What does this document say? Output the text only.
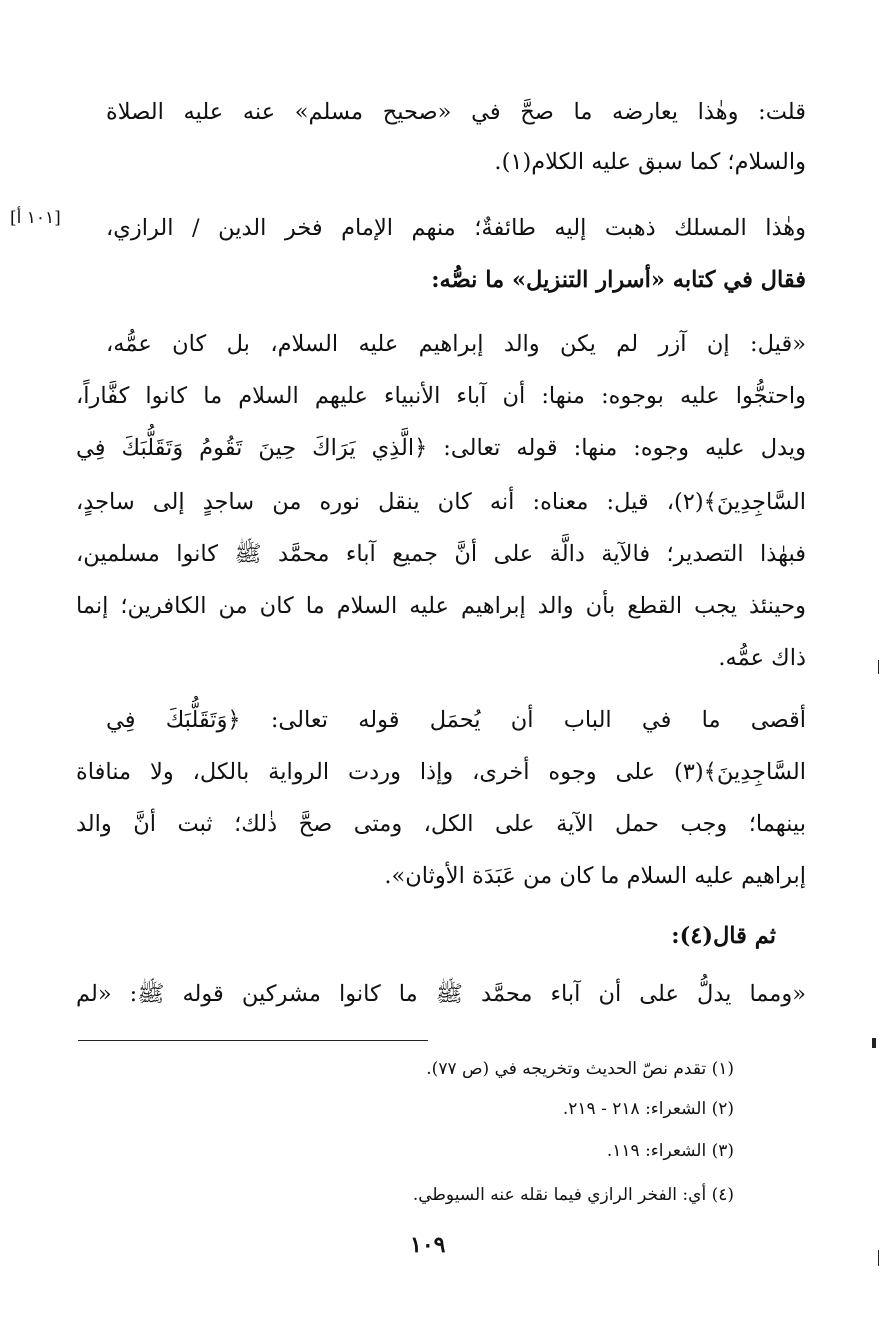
[١٠١ أ]
قلت: وهٰذا يعارضه ما صحَّ في «صحيح مسلم» عنه عليه الصلاة
والسلام؛ كما سبق عليه الكلام(١).
وهٰذا المسلك ذهبت إليه طائفةٌ؛ منهم الإمام فخر الدين / الرازي،
فقال في كتابه «أسرار التنزيل» ما نصُّه:
«قيل: إن آزر لم يكن والد إبراهيم عليه السلام، بل كان عمُّه،
واحتجُّوا عليه بوجوه: منها: أن آباء الأنبياء عليهم السلام ما كانوا كفَّاراً،
ويدل عليه وجوه: منها: قوله تعالى: ﴿الَّذِي يَرَاكَ حِينَ تَقُومُ وَتَقَلُّبَكَ فِي
السَّاجِدِينَ﴾(٢)، قيل: معناه: أنه كان ينقل نوره من ساجدٍ إلى ساجدٍ،
فبهٰذا التصدير؛ فالآية دالَّة على أنَّ جميع آباء محمَّد ﷺ كانوا مسلمين،
وحينئذ يجب القطع بأن والد إبراهيم عليه السلام ما كان من الكافرين؛ إنما
ذاك عمُّه.
أقصى ما في الباب أن يُحمَل قوله تعالى: ﴿وَتَقَلُّبَكَ فِي
السَّاجِدِينَ﴾(٣) على وجوه أخرى، وإذا وردت الرواية بالكل، ولا منافاة
بينهما؛ وجب حمل الآية على الكل، ومتى صحَّ ذٰلك؛ ثبت أنَّ والد
إبراهيم عليه السلام ما كان من عَبَدَة الأوثان».
ثم قال(٤):
«ومما يدلُّ على أن آباء محمَّد ﷺ ما كانوا مشركين قوله ﷺ: «لم
(١) تقدم نصّ الحديث وتخريجه في (ص ٧٧).
(٢) الشعراء: ٢١٨ - ٢١٩.
(٣) الشعراء: ١١٩.
(٤) أي: الفخر الرازي فيما نقله عنه السيوطي.
١٠٩
